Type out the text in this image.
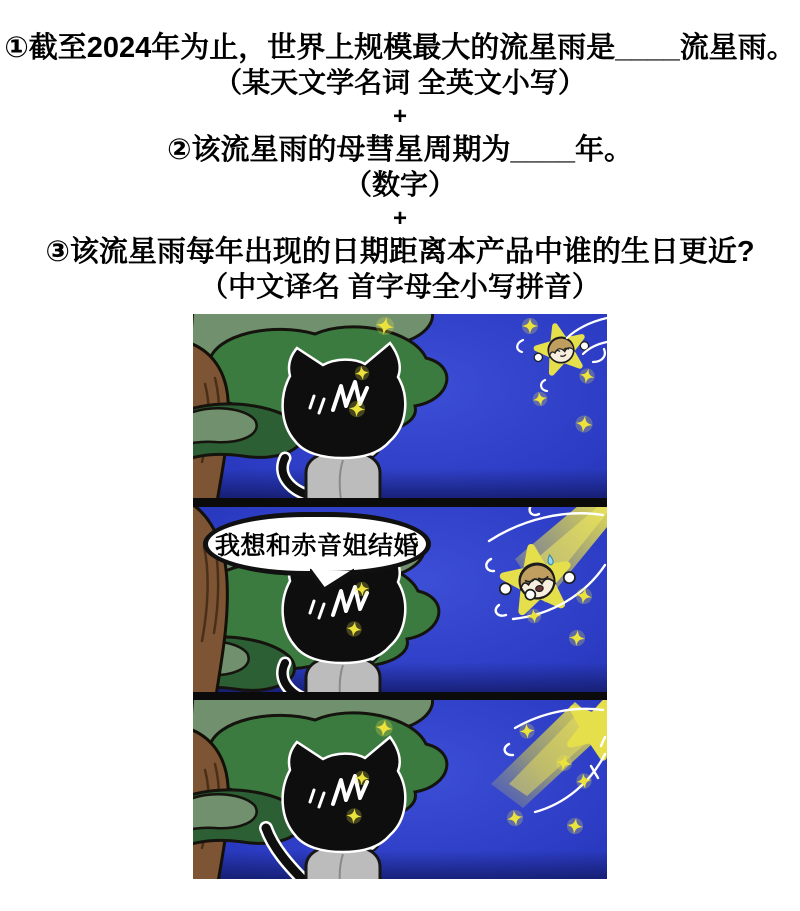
①截至2024年为止，世界上规模最大的流星雨是____流星雨。

（某天文学名词 全英文小写）

+

②该流星雨的母彗星周期为____年。

（数字）

+

③该流星雨每年出现的日期距离本产品中谁的生日更近?

（中文译名 首字母全小写拼音）

我想和赤音姐结婚
